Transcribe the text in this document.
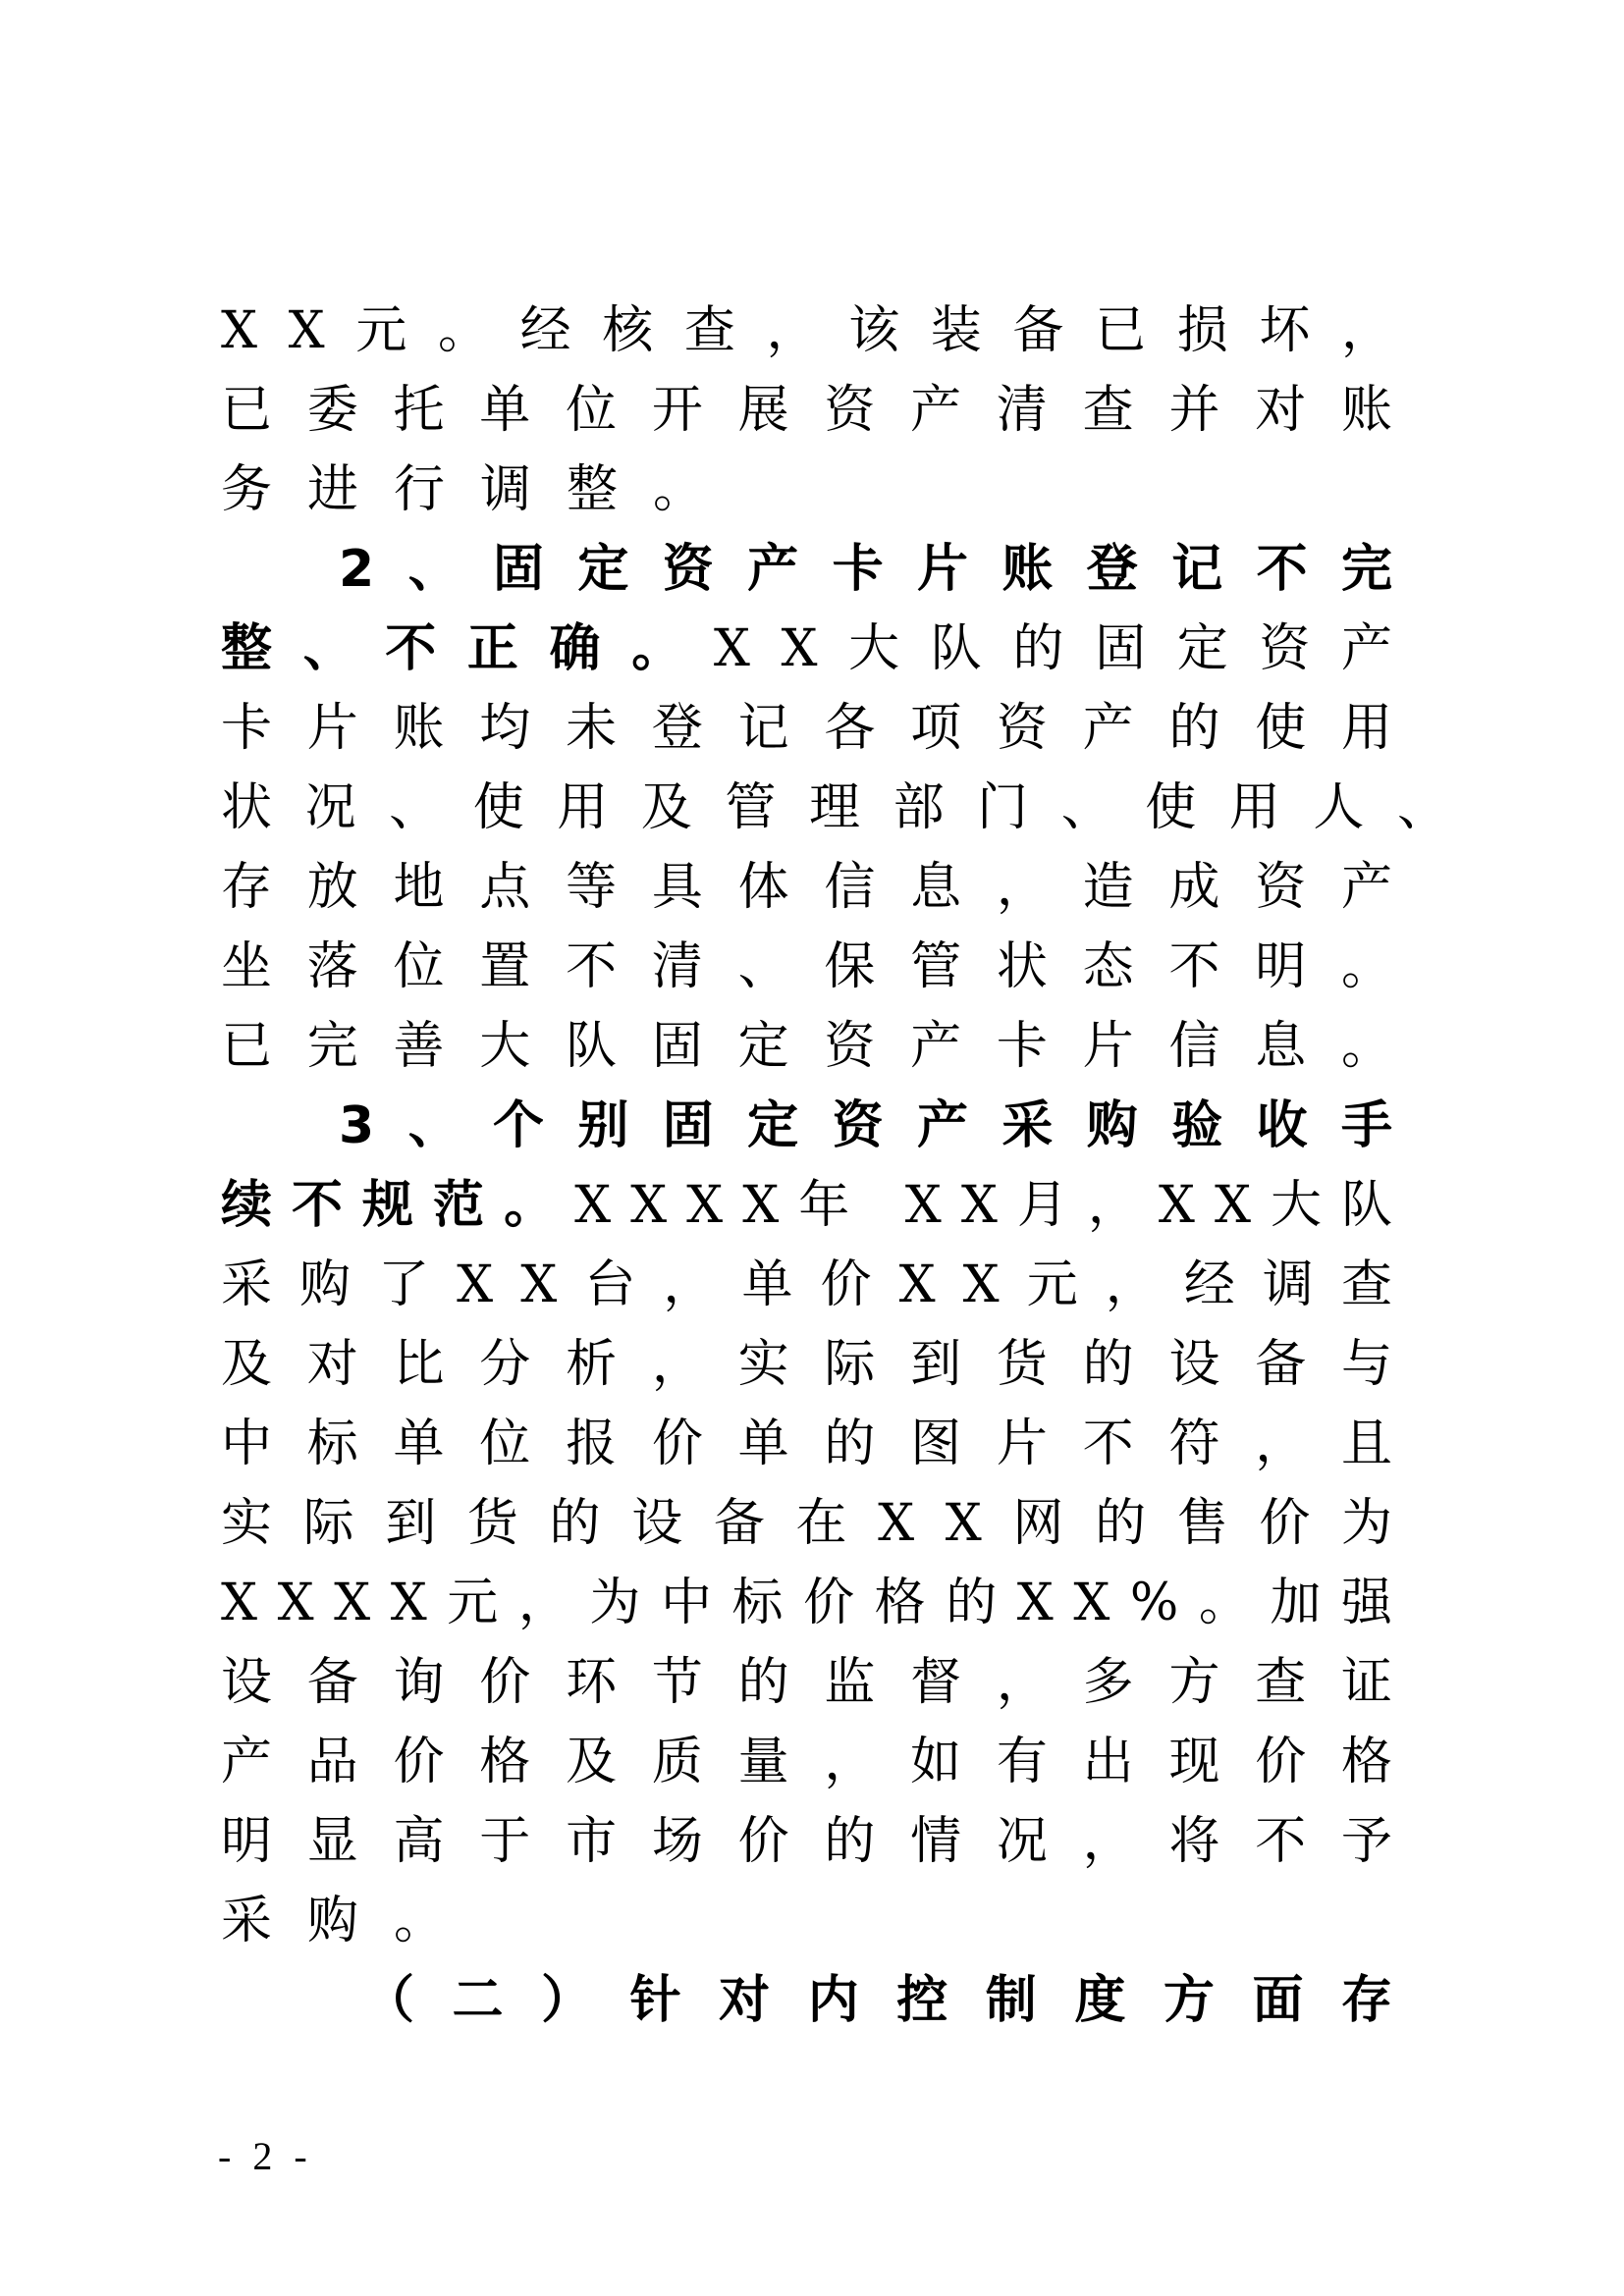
XX元。经核查，该装备已损坏，
已委托单位开展资产清查并对账
务进行调整。
2、固定资产卡片账登记不完
整、不正确。XX大队的固定资产
卡片账均未登记各项资产的使用
状况、使用及管理部门、使用人、
存放地点等具体信息，造成资产
坐落位置不清、保管状态不明。
已完善大队固定资产卡片信息。
3、个别固定资产采购验收手
续不规范。XXXX年 XX月，XX大队
采购了XX台，单价XX元，经调查
及对比分析，实际到货的设备与
中标单位报价单的图片不符，且
实际到货的设备在XX网的售价为
XXXX元，为中标价格的XX%。加强
设备询价环节的监督，多方查证
产品价格及质量，如有出现价格
明显高于市场价的情况，将不予
采购。
（二）针对内控制度方面存
- 2 -
